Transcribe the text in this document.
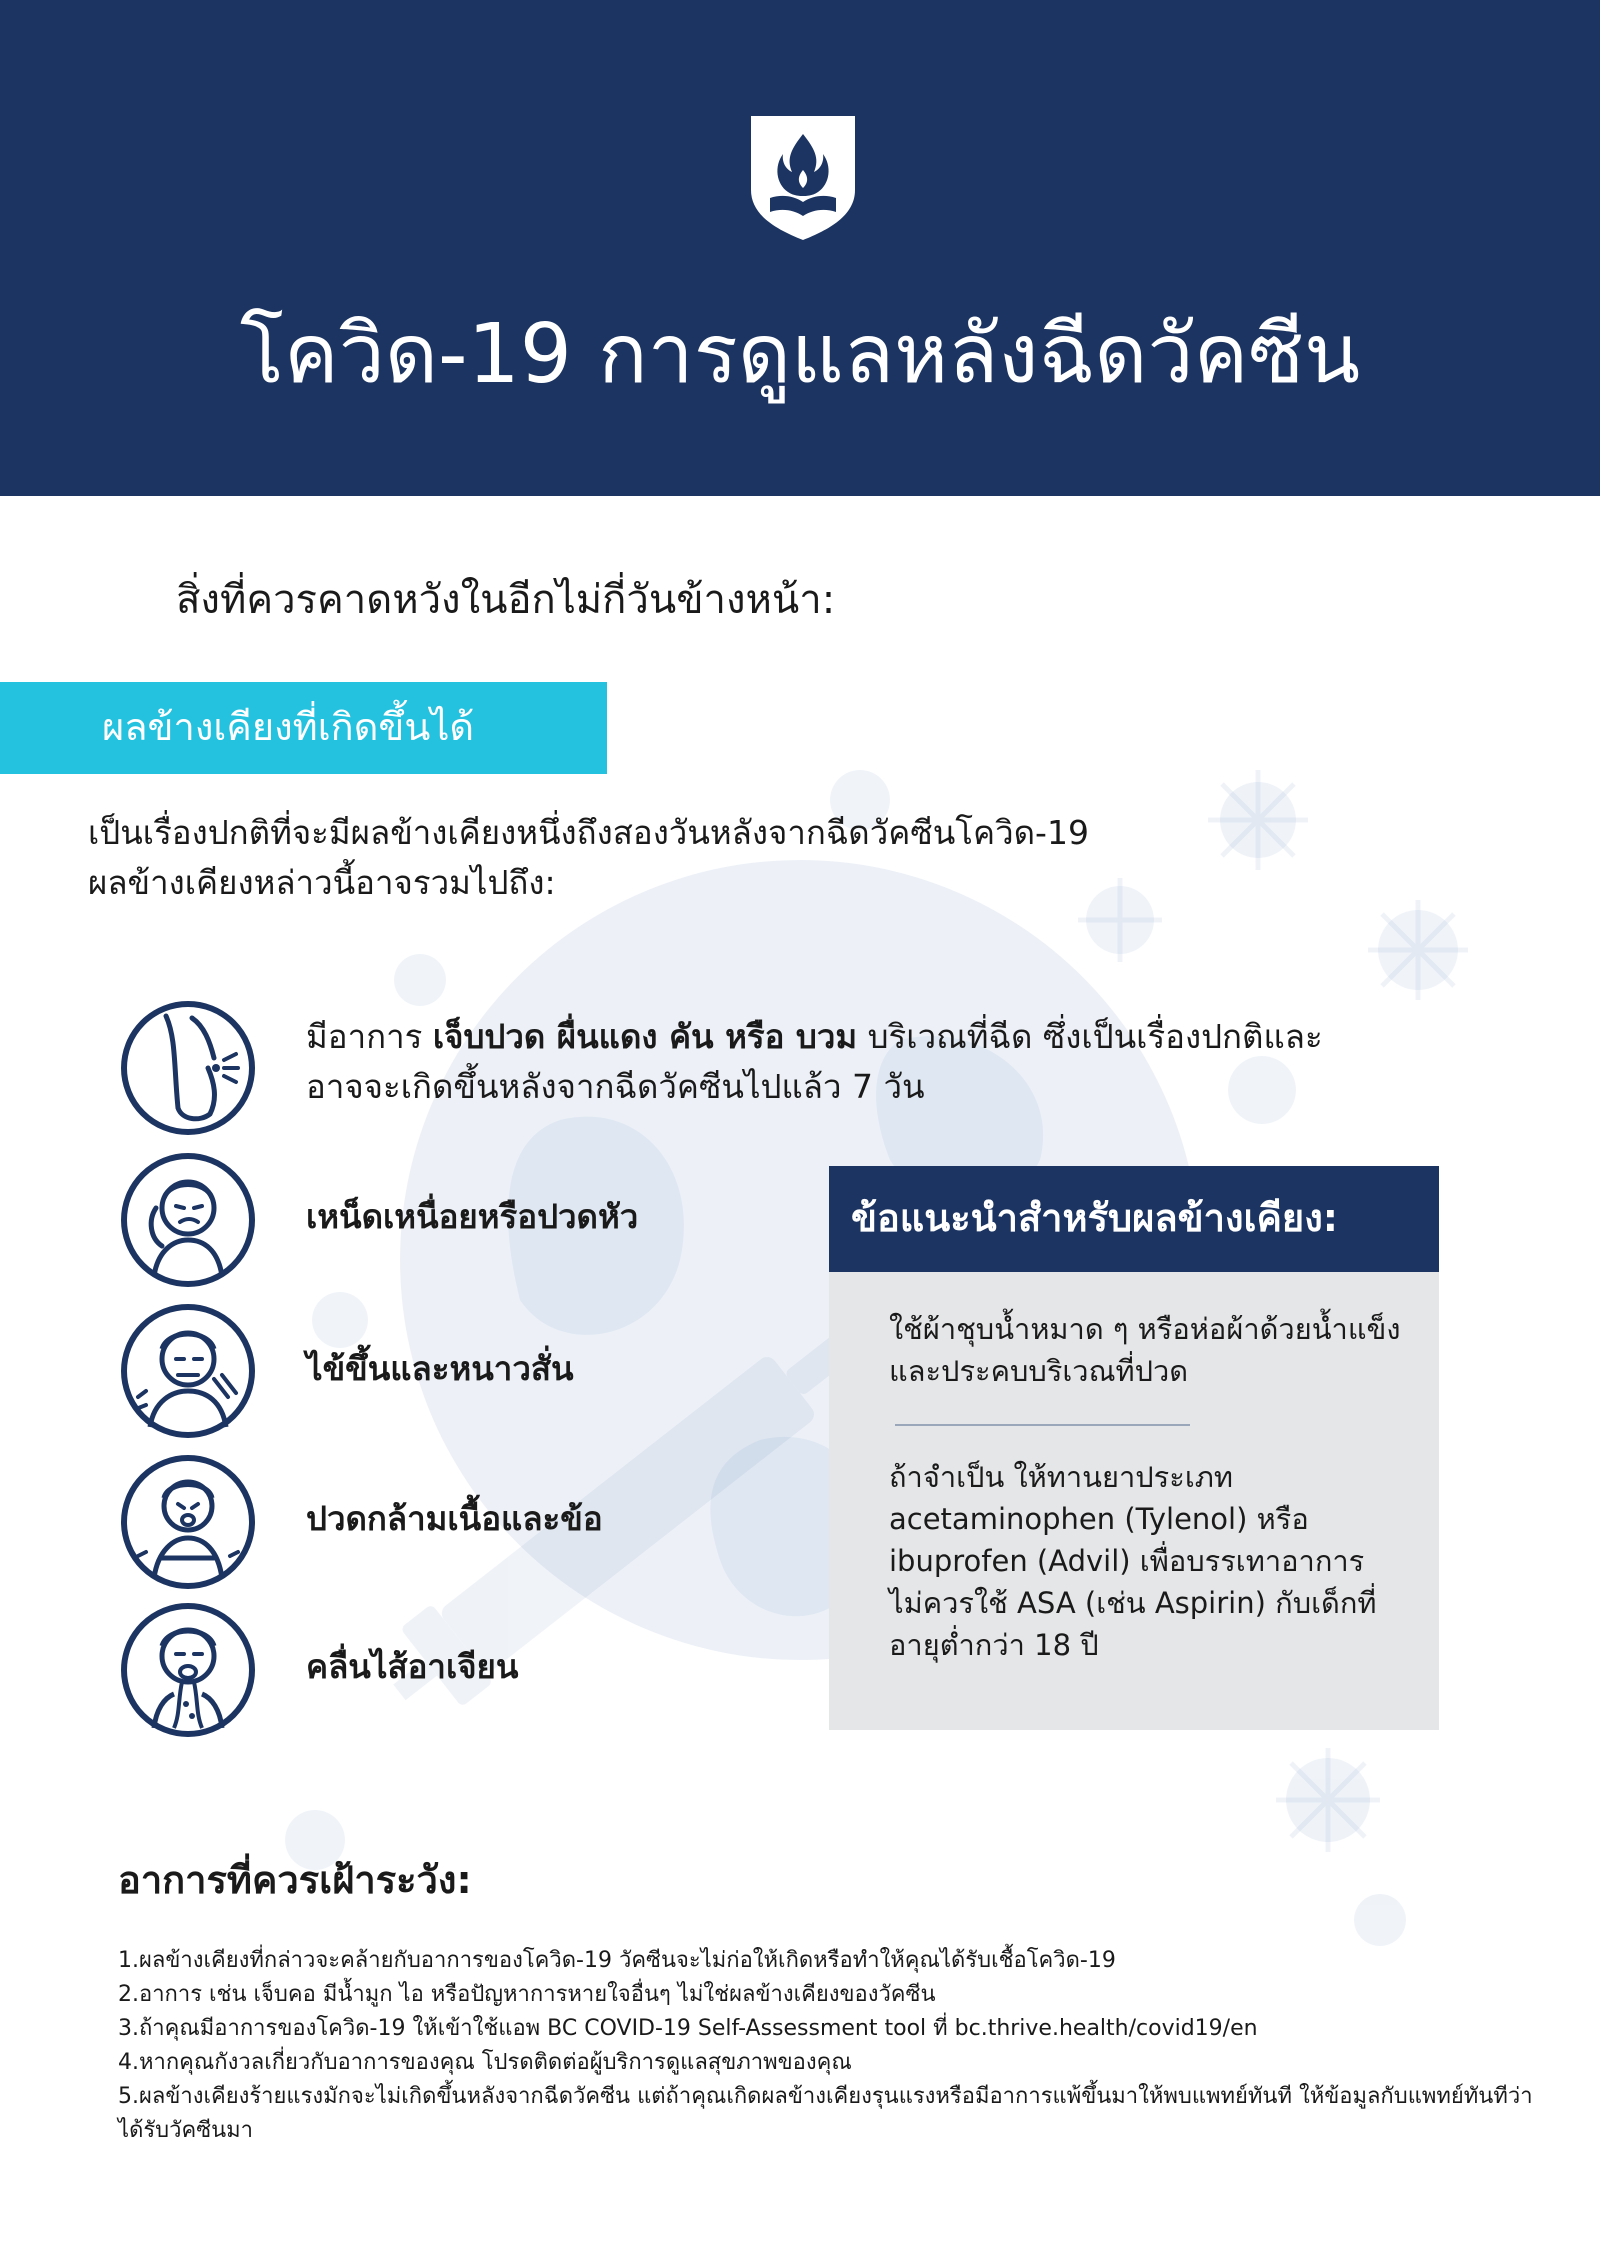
โควิด-19 การดูแลหลังฉีดวัคซีน
สิ่งที่ควรคาดหวังในอีกไม่กี่วันข้างหน้า:
ผลข้างเคียงที่เกิดขึ้นได้
เป็นเรื่องปกติที่จะมีผลข้างเคียงหนึ่งถึงสองวันหลังจากฉีดวัคซีนโควิด-19
ผลข้างเคียงหล่าวนี้อาจรวมไปถึง:
มีอาการ เจ็บปวด ผื่นแดง คัน หรือ บวม บริเวณที่ฉีด ซึ่งเป็นเรื่องปกติและ
อาจจะเกิดขึ้นหลังจากฉีดวัคซีนไปแล้ว 7 วัน
เหน็ดเหนื่อยหรือปวดหัว
ไข้ขึ้นและหนาวสั่น
ปวดกล้ามเนื้อและข้อ
คลื่นไส้อาเจียน
ข้อแนะนำสำหรับผลข้างเคียง:
ใช้ผ้าชุบน้ำหมาด ๆ หรือห่อผ้าด้วยน้ำแข็ง
และประคบบริเวณที่ปวด
ถ้าจำเป็น ให้ทานยาประเภท
acetaminophen (Tylenol) หรือ
ibuprofen (Advil) เพื่อบรรเทาอาการ
ไม่ควรใช้ ASA (เช่น Aspirin) กับเด็กที่
อายุต่ำกว่า 18 ปี
อาการที่ควรเฝ้าระวัง:
1.ผลข้างเคียงที่กล่าวจะคล้ายกับอาการของโควิด-19 วัคซีนจะไม่ก่อให้เกิดหรือทำให้คุณได้รับเชื้อโควิด-19
2.อาการ เช่น เจ็บคอ มีน้ำมูก ไอ หรือปัญหาการหายใจอื่นๆ ไม่ใช่ผลข้างเคียงของวัคซีน
3.ถ้าคุณมีอาการของโควิด-19 ให้เข้าใช้แอพ BC COVID-19 Self-Assessment tool ที่ bc.thrive.health/covid19/en
4.หากคุณกังวลเกี่ยวกับอาการของคุณ โปรดติดต่อผู้บริการดูแลสุขภาพของคุณ
5.ผลข้างเคียงร้ายแรงมักจะไม่เกิดขึ้นหลังจากฉีดวัคซีน แต่ถ้าคุณเกิดผลข้างเคียงรุนแรงหรือมีอาการแพ้ขึ้นมาให้พบแพทย์ทันที ให้ข้อมูลกับแพทย์ทันทีว่า
ได้รับวัคซีนมา
